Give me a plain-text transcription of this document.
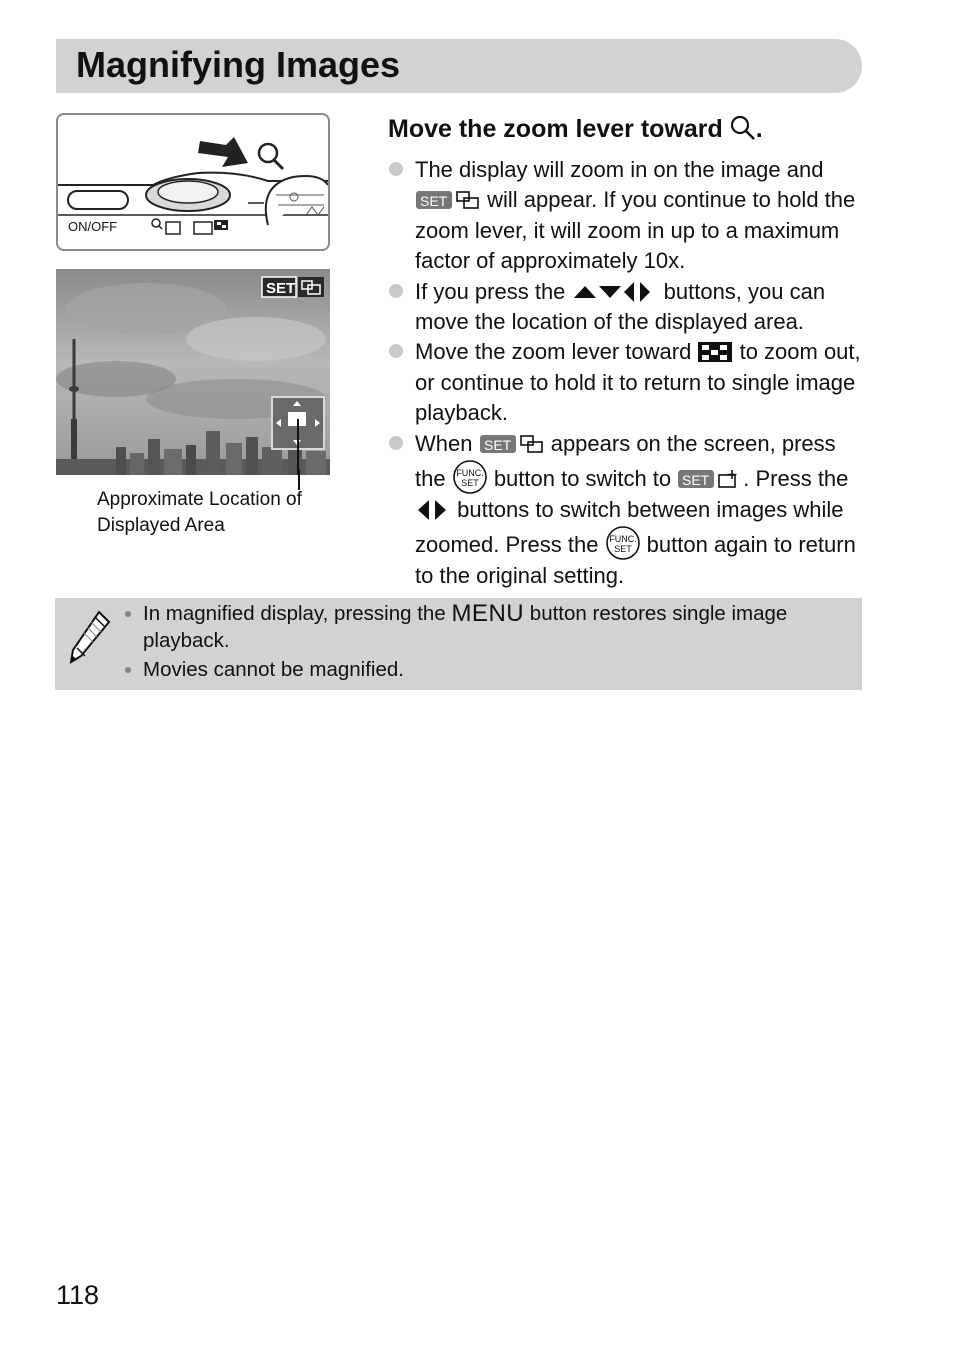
Magnifying Images
ON/OFF
SET

Approximate Location of
Displayed Area

Move the zoom lever toward .
The display will zoom in on the image and
SET will appear. If you continue to hold the zoom lever, it will zoom in up to a maximum factor of approximately 10x.
If you press the	buttons, you can move the location of the displayed area.
Move the zoom lever toward  to zoom out, or continue to hold it to return to single image playback.
When SET appears on the screen, press the FUNC.
SET button to switch to SET . Press the  buttons to switch between images while zoomed. Press the FUNC.
SET button again to return to the original setting.
In magnified display, pressing the MENU button restores single image playback.
Movies cannot be magnified.

118
